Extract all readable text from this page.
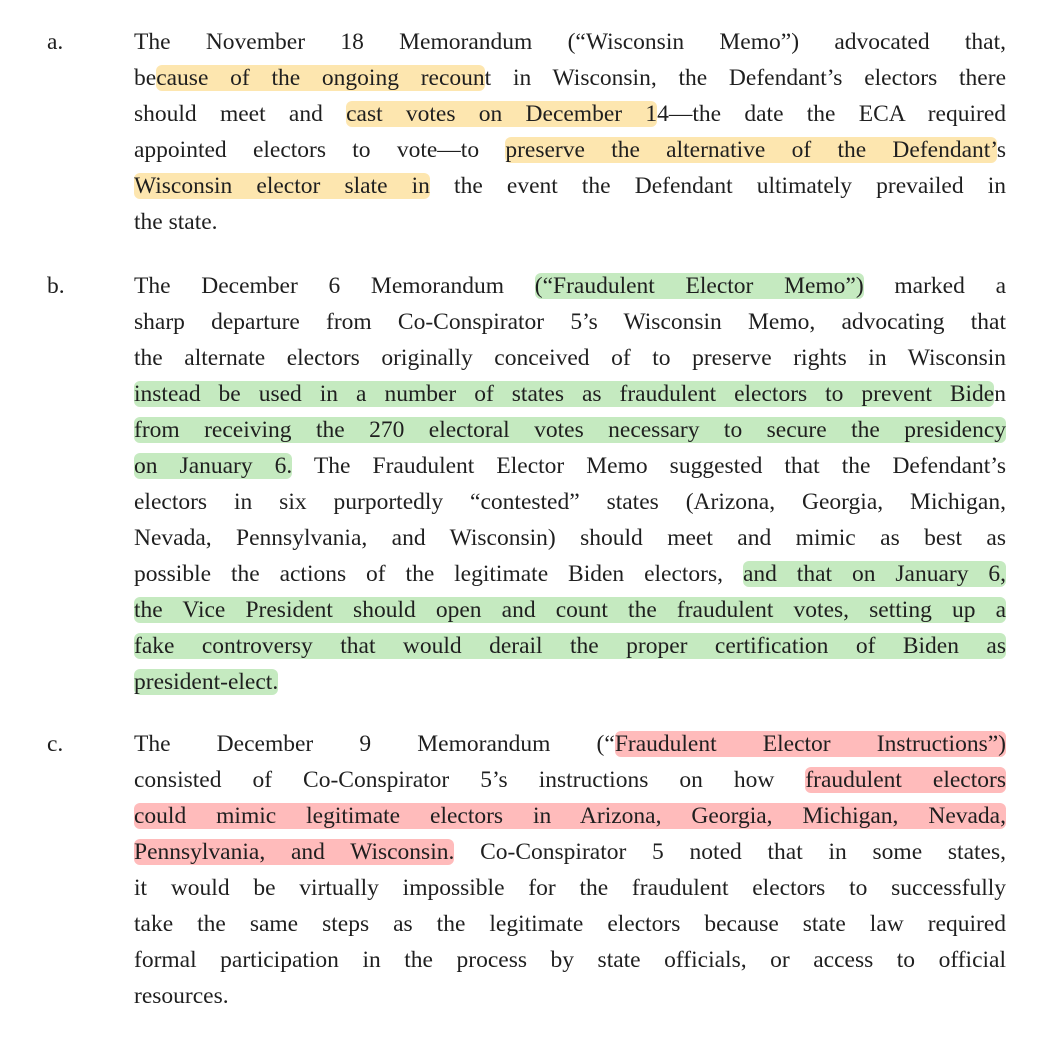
a.	The November 18 Memorandum (“Wisconsin Memo”) advocated that,
because of the ongoing recount in Wisconsin, the Defendant’s electors there
should meet and cast votes on December 14—the date the ECA required
appointed electors to vote—to preserve the alternative of the Defendant’s
Wisconsin elector slate in the event the Defendant ultimately prevailed in
the state.
b.	The December 6 Memorandum (“Fraudulent Elector Memo”) marked a
sharp departure from Co-Conspirator 5’s Wisconsin Memo, advocating that
the alternate electors originally conceived of to preserve rights in Wisconsin
instead be used in a number of states as fraudulent electors to prevent Biden
from receiving the 270 electoral votes necessary to secure the presidency
on January 6. The Fraudulent Elector Memo suggested that the Defendant’s
electors in six purportedly “contested” states (Arizona, Georgia, Michigan,
Nevada, Pennsylvania, and Wisconsin) should meet and mimic as best as
possible the actions of the legitimate Biden electors, and that on January 6,
the Vice President should open and count the fraudulent votes, setting up a
fake controversy that would derail the proper certification of Biden as
president-elect.
c.	The December 9 Memorandum (“Fraudulent Elector Instructions”)
consisted of Co-Conspirator 5’s instructions on how fraudulent electors
could mimic legitimate electors in Arizona, Georgia, Michigan, Nevada,
Pennsylvania, and Wisconsin. Co-Conspirator 5 noted that in some states,
it would be virtually impossible for the fraudulent electors to successfully
take the same steps as the legitimate electors because state law required
formal participation in the process by state officials, or access to official
resources.
